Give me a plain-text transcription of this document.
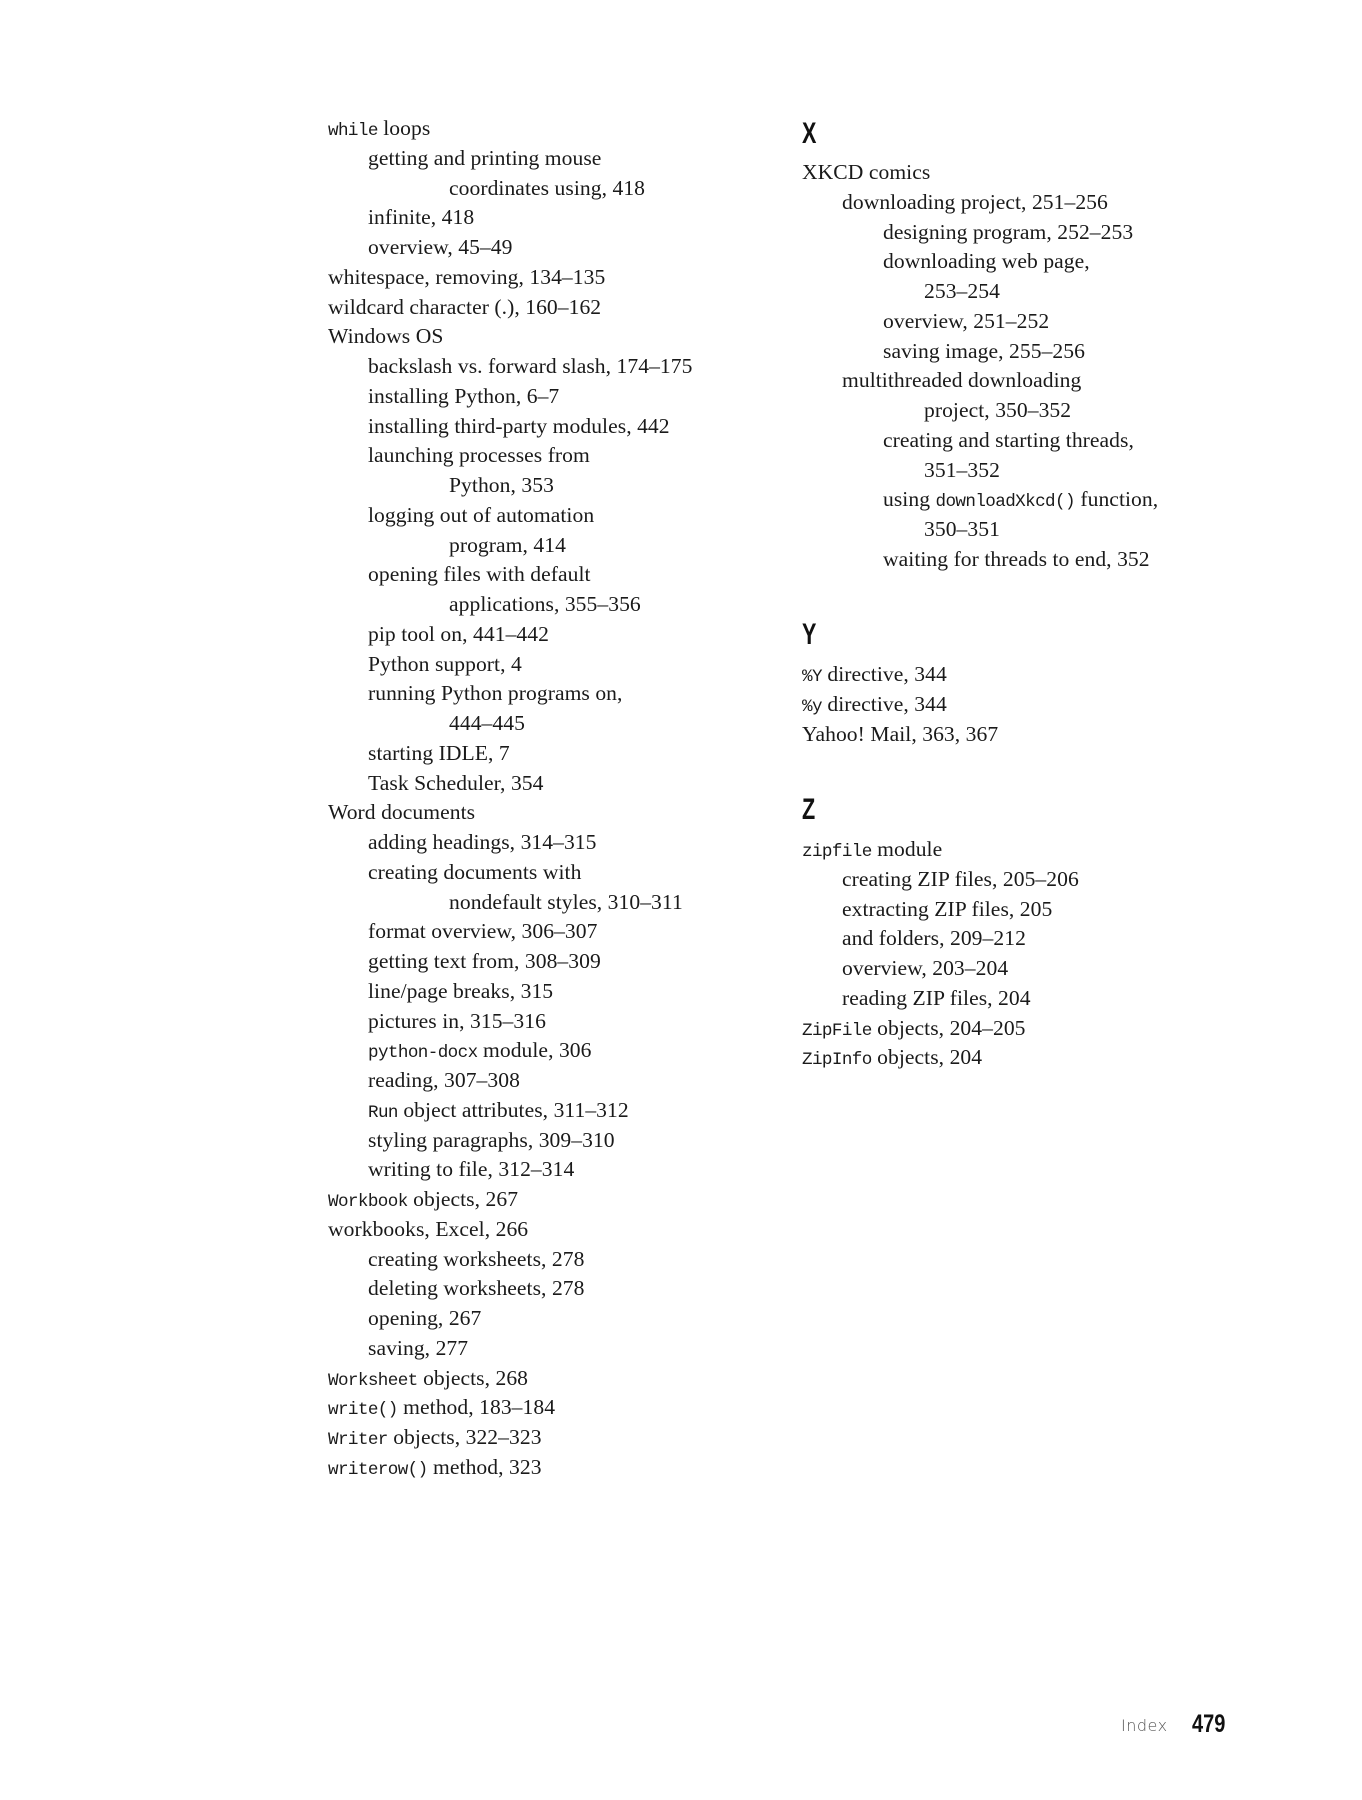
while loops
getting and printing mouse
coordinates using, 418
infinite, 418
overview, 45–49
whitespace, removing, 134–135
wildcard character (.), 160–162
Windows OS
backslash vs. forward slash, 174–175
installing Python, 6–7
installing third-party modules, 442
launching processes from
Python, 353
logging out of automation
program, 414
opening files with default
applications, 355–356
pip tool on, 441–442
Python support, 4
running Python programs on,
444–445
starting IDLE, 7
Task Scheduler, 354
Word documents
adding headings, 314–315
creating documents with
nondefault styles, 310–311
format overview, 306–307
getting text from, 308–309
line/page breaks, 315
pictures in, 315–316
python-docx module, 306
reading, 307–308
Run object attributes, 311–312
styling paragraphs, 309–310
writing to file, 312–314
Workbook objects, 267
workbooks, Excel, 266
creating worksheets, 278
deleting worksheets, 278
opening, 267
saving, 277
Worksheet objects, 268
write() method, 183–184
Writer objects, 322–323
writerow() method, 323
X
XKCD comics
downloading project, 251–256
designing program, 252–253
downloading web page,
253–254
overview, 251–252
saving image, 255–256
multithreaded downloading
project, 350–352
creating and starting threads,
351–352
using downloadXkcd() function,
350–351
waiting for threads to end, 352
Y
%Y directive, 344
%y directive, 344
Yahoo! Mail, 363, 367
Z
zipfile module
creating ZIP files, 205–206
extracting ZIP files, 205
and folders, 209–212
overview, 203–204
reading ZIP files, 204
ZipFile objects, 204–205
ZipInfo objects, 204
Index 479
